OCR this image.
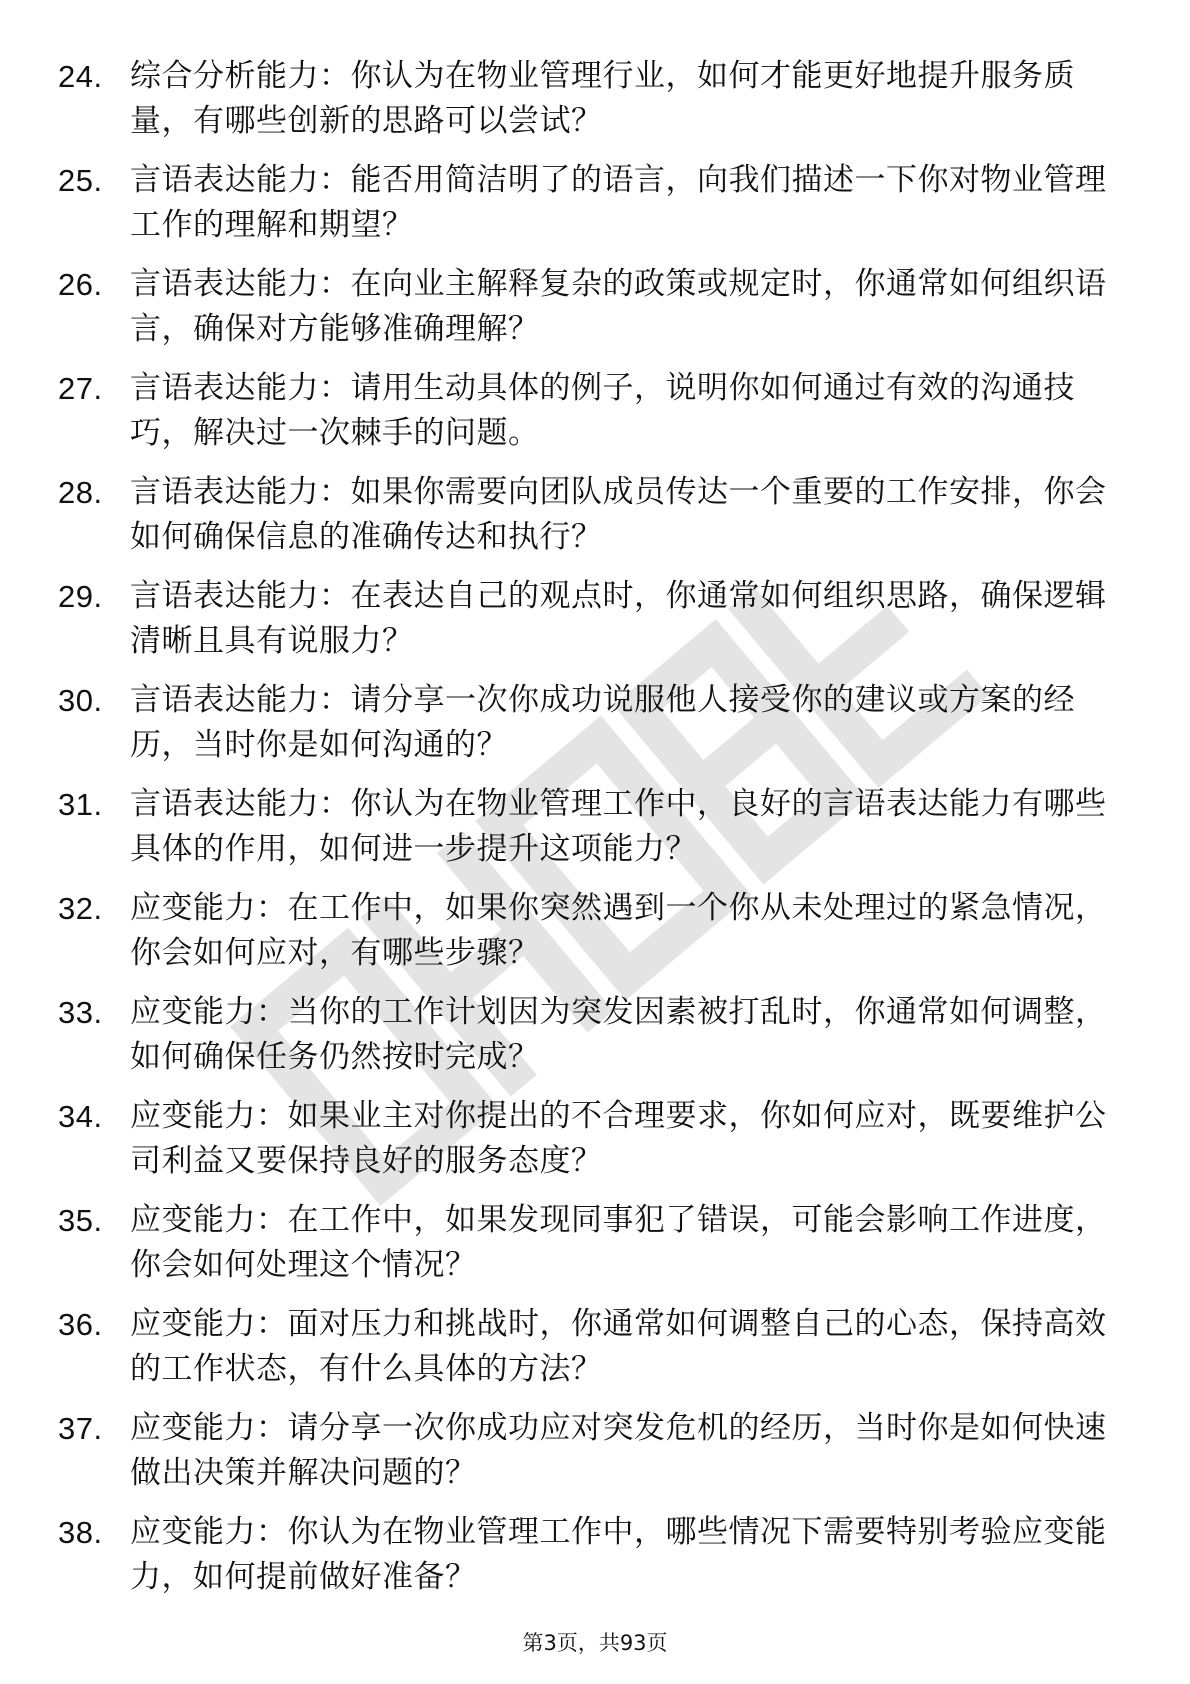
24. 综合分析能力：你认为在物业管理行业，如何才能更好地提升服务质量，有哪些创新的思路可以尝试？
25. 言语表达能力：能否用简洁明了的语言，向我们描述一下你对物业管理工作的理解和期望？
26. 言语表达能力：在向业主解释复杂的政策或规定时，你通常如何组织语言，确保对方能够准确理解？
27. 言语表达能力：请用生动具体的例子，说明你如何通过有效的沟通技巧，解决过一次棘手的问题。
28. 言语表达能力：如果你需要向团队成员传达一个重要的工作安排，你会如何确保信息的准确传达和执行？
29. 言语表达能力：在表达自己的观点时，你通常如何组织思路，确保逻辑清晰且具有说服力？
30. 言语表达能力：请分享一次你成功说服他人接受你的建议或方案的经历，当时你是如何沟通的？
31. 言语表达能力：你认为在物业管理工作中，良好的言语表达能力有哪些具体的作用，如何进一步提升这项能力？
32. 应变能力：在工作中，如果你突然遇到一个你从未处理过的紧急情况，你会如何应对，有哪些步骤？
33. 应变能力：当你的工作计划因为突发因素被打乱时，你通常如何调整，如何确保任务仍然按时完成？
34. 应变能力：如果业主对你提出的不合理要求，你如何应对，既要维护公司利益又要保持良好的服务态度？
35. 应变能力：在工作中，如果发现同事犯了错误，可能会影响工作进度，你会如何处理这个情况？
36. 应变能力：面对压力和挑战时，你通常如何调整自己的心态，保持高效的工作状态，有什么具体的方法？
37. 应变能力：请分享一次你成功应对突发危机的经历，当时你是如何快速做出决策并解决问题的？
38. 应变能力：你认为在物业管理工作中，哪些情况下需要特别考验应变能力，如何提前做好准备？
第3页，共93页
